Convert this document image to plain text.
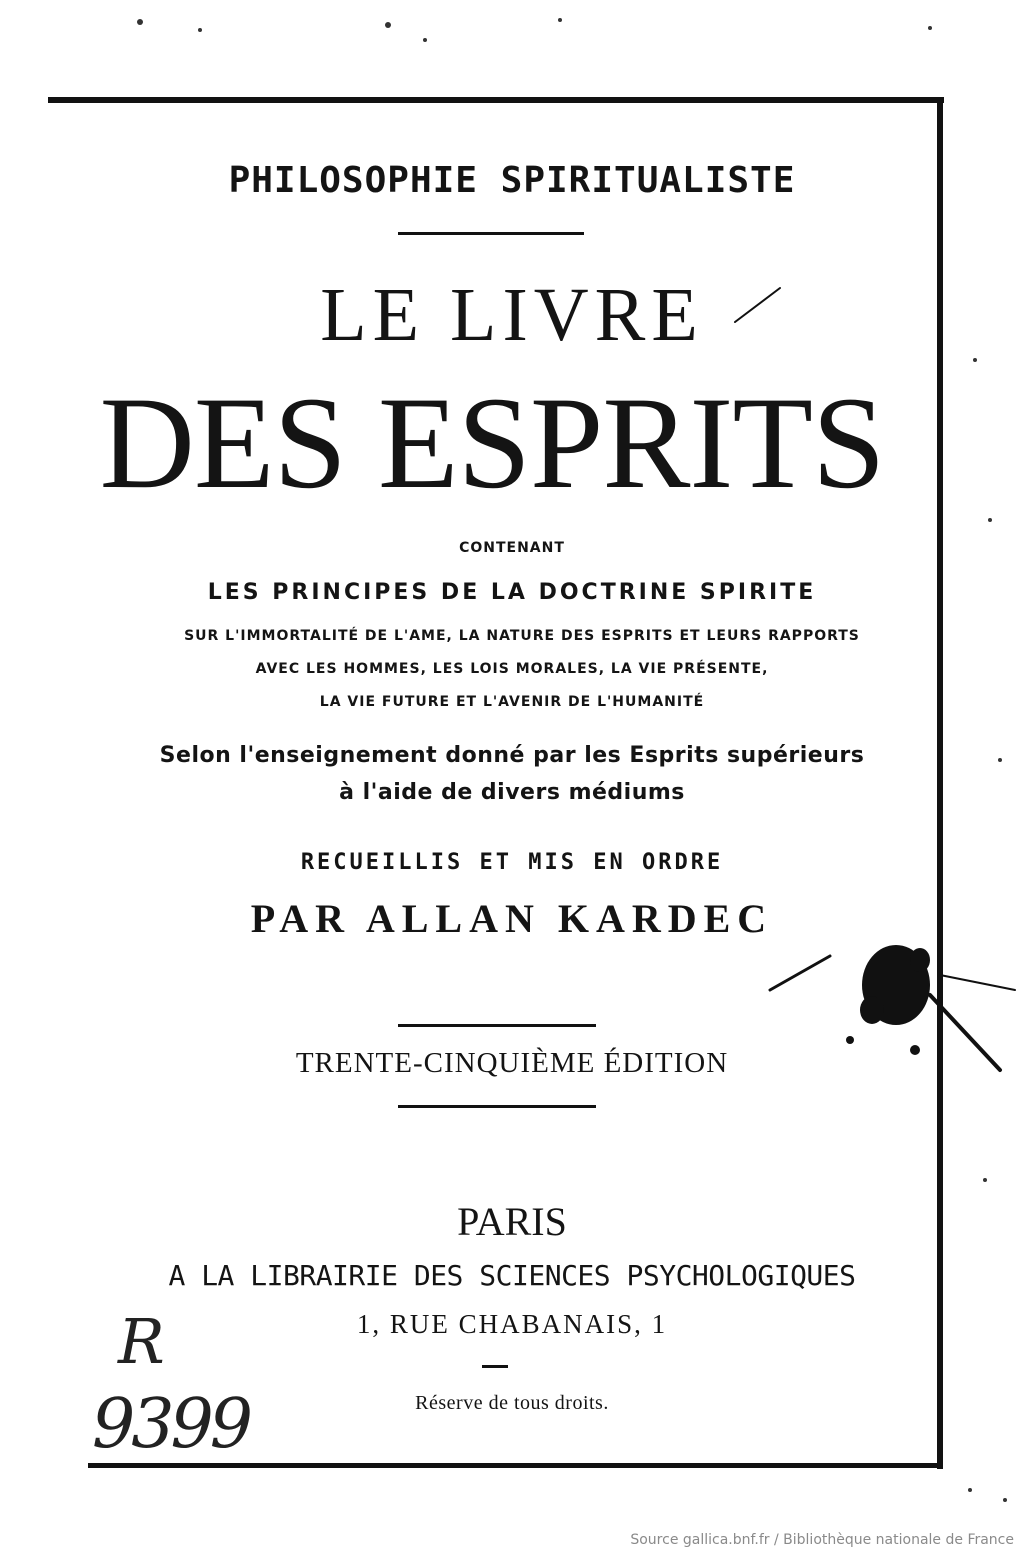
PHILOSOPHIE SPIRITUALISTE
LE LIVRE
DES ESPRITS
CONTENANT
LES PRINCIPES DE LA DOCTRINE SPIRITE
SUR L'IMMORTALITÉ DE L'AME, LA NATURE DES ESPRITS ET LEURS RAPPORTS
AVEC LES HOMMES, LES LOIS MORALES, LA VIE PRÉSENTE,
LA VIE FUTURE ET L'AVENIR DE L'HUMANITÉ
Selon l'enseignement donné par les Esprits supérieurs
à l'aide de divers médiums
RECUEILLIS ET MIS EN ORDRE
PAR ALLAN KARDEC
TRENTE-CINQUIÈME ÉDITION
PARIS
A LA LIBRAIRIE DES SCIENCES PSYCHOLOGIQUES
1, RUE CHABANAIS, 1
Réserve de tous droits.
R
9399
Source gallica.bnf.fr / Bibliothèque nationale de France
